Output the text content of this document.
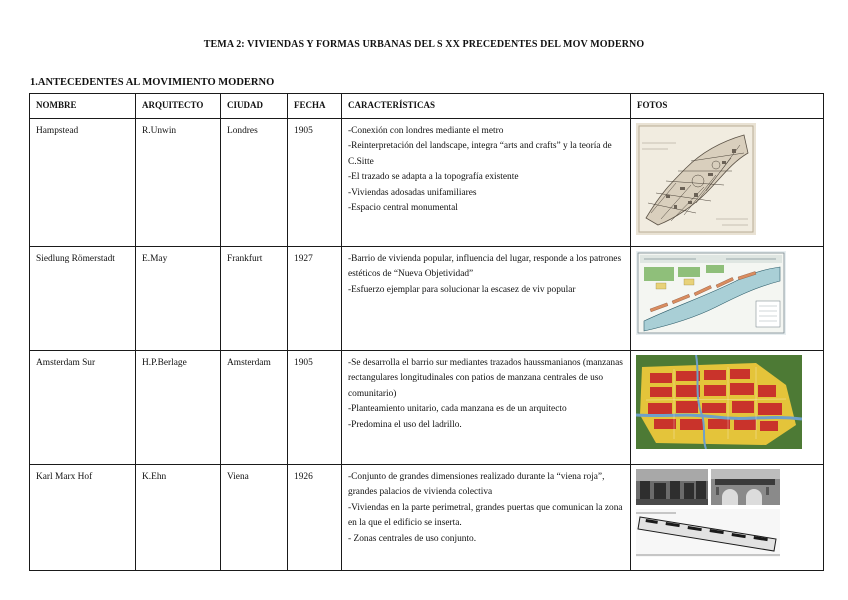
TEMA 2: VIVIENDAS Y FORMAS URBANAS DEL S XX PRECEDENTES DEL MOV MODERNO
1.ANTECEDENTES AL MOVIMIENTO MODERNO
NOMBRE	ARQUITECTO	CIUDAD	FECHA	CARACTERÍSTICAS	FOTOS
Hampstead	R.Unwin	Londres	1905	-Conexión con londres mediante el metro
-Reinterpretación del landscape, integra “arts and crafts” y la teoría de C.Sitte
-El trazado se adapta a la topografía existente
-Viviendas adosadas unifamiliares
-Espacio central monumental

Siedlung Römerstadt	E.May	Frankfurt	1927	-Barrio de vivienda popular, influencia del lugar, responde a los patrones estéticos de “Nueva Objetividad”
-Esfuerzo ejemplar para solucionar la escasez de viv popular

Amsterdam Sur	H.P.Berlage	Amsterdam	1905	-Se desarrolla el barrio sur mediantes trazados haussmanianos (manzanas rectangulares longitudinales con patios de manzana centrales de uso comunitario)
-Planteamiento unitario, cada manzana es de un arquitecto
-Predomina el uso del ladrillo.

Karl Marx Hof	K.Ehn	Viena	1926	-Conjunto de grandes dimensiones realizado durante la “viena roja”, grandes palacios de vivienda colectiva
-Viviendas en la parte perimetral, grandes puertas que comunican la zona en la que el edificio se inserta.
- Zonas centrales de uso conjunto.
